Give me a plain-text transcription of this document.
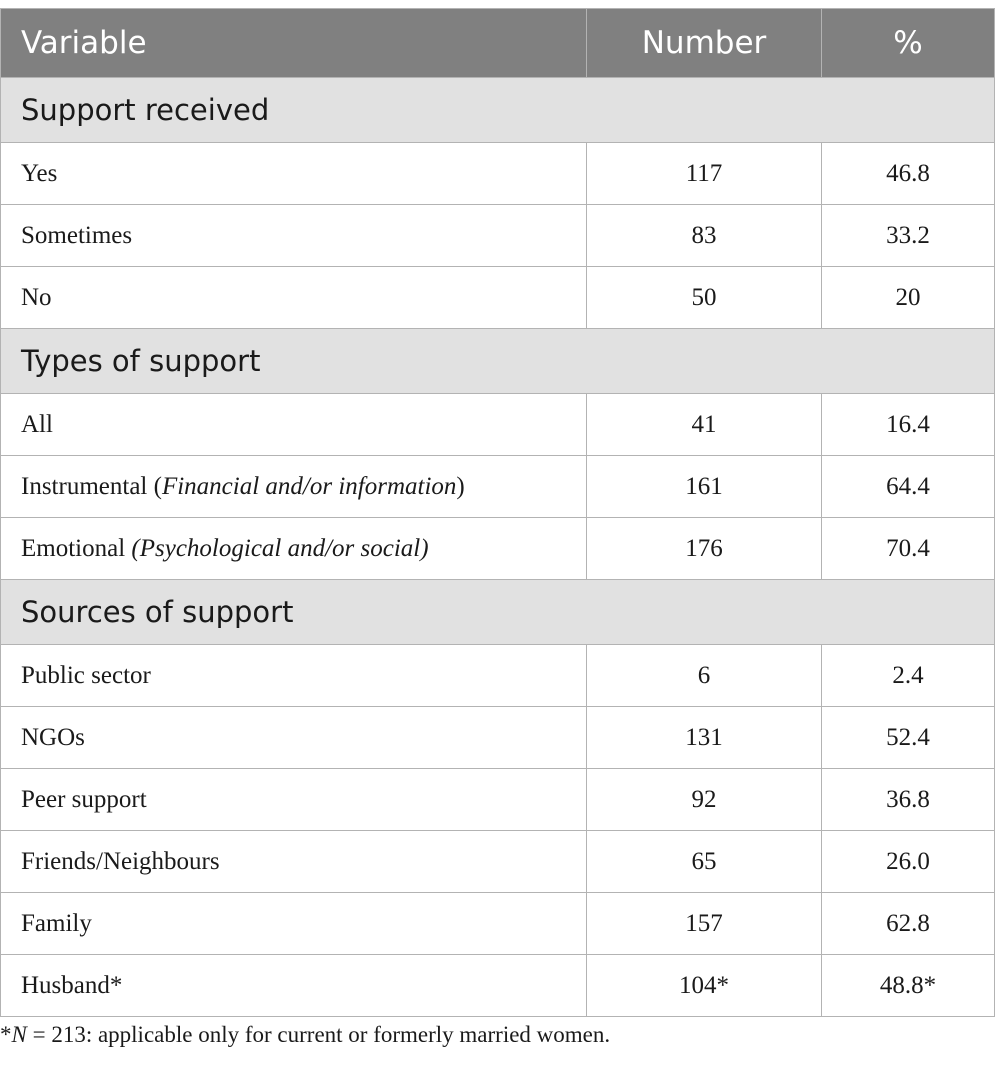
Variable	Number	%
Support received		
Yes	117	46.8
Sometimes	83	33.2
No	50	20
Types of support		
All	41	16.4
Instrumental (Financial and/or information)	161	64.4
Emotional (Psychological and/or social)	176	70.4
Sources of support		
Public sector	6	2.4
NGOs	131	52.4
Peer support	92	36.8
Friends/Neighbours	65	26.0
Family	157	62.8
Husband*	104*	48.8*
*N = 213: applicable only for current or formerly married women.
